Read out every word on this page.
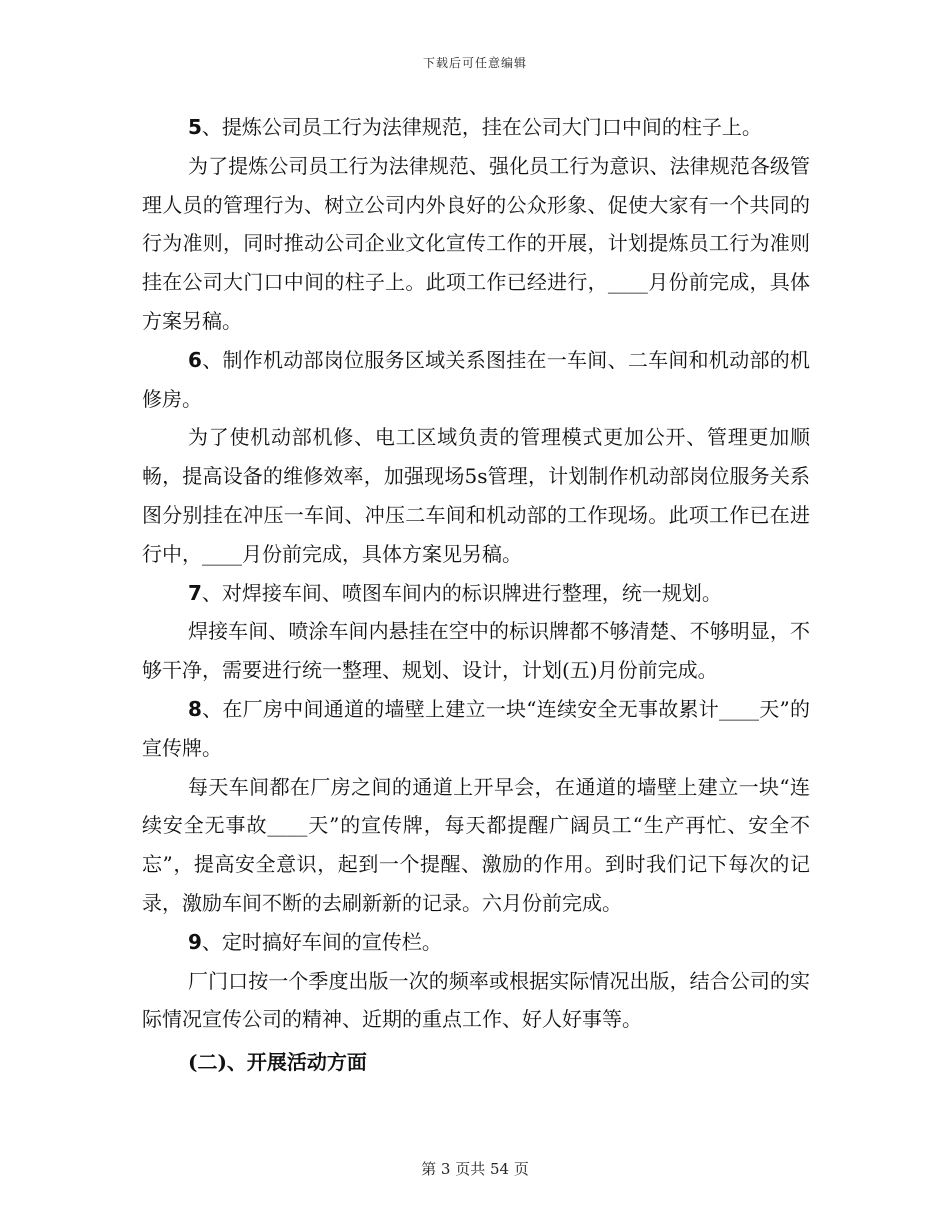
下载后可任意编辑

5、提炼公司员工行为法律规范，挂在公司大门口中间的柱子上。

为了提炼公司员工行为法律规范、强化员工行为意识、法律规范各级管理人员的管理行为、树立公司内外良好的公众形象、促使大家有一个共同的行为准则，同时推动公司企业文化宣传工作的开展，计划提炼员工行为准则挂在公司大门口中间的柱子上。此项工作已经进行，____月份前完成，具体方案另稿。

6、制作机动部岗位服务区域关系图挂在一车间、二车间和机动部的机修房。

为了使机动部机修、电工区域负责的管理模式更加公开、管理更加顺畅，提高设备的维修效率，加强现场5s管理，计划制作机动部岗位服务关系图分别挂在冲压一车间、冲压二车间和机动部的工作现场。此项工作已在进行中，____月份前完成，具体方案见另稿。

7、对焊接车间、喷图车间内的标识牌进行整理，统一规划。

焊接车间、喷涂车间内悬挂在空中的标识牌都不够清楚、不够明显，不够干净，需要进行统一整理、规划、设计，计划(五)月份前完成。

8、在厂房中间通道的墙壁上建立一块“连续安全无事故累计____天”的宣传牌。

每天车间都在厂房之间的通道上开早会，在通道的墙壁上建立一块“连续安全无事故____天”的宣传牌，每天都提醒广阔员工“生产再忙、安全不忘”，提高安全意识，起到一个提醒、激励的作用。到时我们记下每次的记录，激励车间不断的去刷新新的记录。六月份前完成。

9、定时搞好车间的宣传栏。

厂门口按一个季度出版一次的频率或根据实际情况出版，结合公司的实际情况宣传公司的精神、近期的重点工作、好人好事等。

(二)、开展活动方面

第 3 页共 54 页
